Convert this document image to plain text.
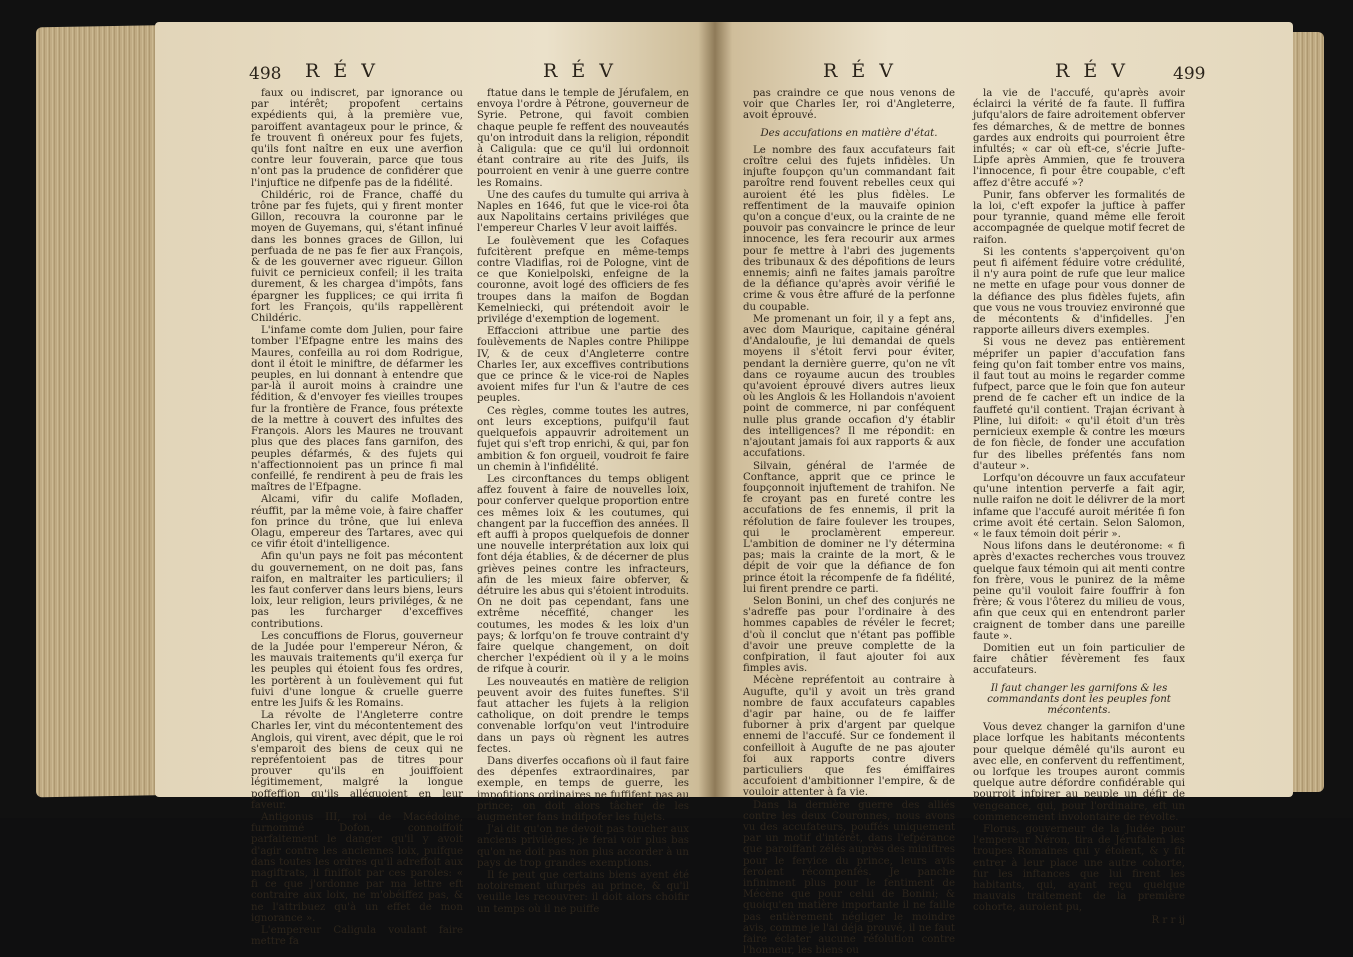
498 R É V	R É V

faux ou indiscret, par ignorance ou par intérêt; propofent certains expédients qui, à la première vue, paroiffent avantageux pour le prince, & fe trouvent fi onéreux pour fes fujets, qu'ils font naître en eux une averfion contre leur fouverain, parce que tous n'ont pas la prudence de confidérer que l'injuftice ne difpenfe pas de la fidélité.

Childéric, roi de France, chaffé du trône par fes fujets, qui y firent monter Gillon, recouvra la couronne par le moyen de Guyemans, qui, s'étant infinué dans les bonnes graces de Gillon, lui perfuada de ne pas fe fier aux François, & de les gouverner avec rigueur. Gillon fuivit ce pernicieux confeil; il les traita durement, & les chargea d'impôts, fans épargner les fupplices; ce qui irrita fi fort les François, qu'ils rappellèrent Childéric.

L'infame comte dom Julien, pour faire tomber l'Efpagne entre les mains des Maures, confeilla au roi dom Rodrigue, dont il étoit le miniftre, de défarmer les peuples, en lui donnant à entendre que par-là il auroit moins à craindre une fédition, & d'envoyer fes vieilles troupes fur la frontière de France, fous prétexte de la mettre à couvert des infultes des François. Alors les Maures ne trouvant plus que des places fans garnifon, des peuples défarmés, & des fujets qui n'affectionnoient pas un prince fi mal confeillé, fe rendirent à peu de frais les maîtres de l'Efpagne.

Alcami, vifir du calife Mofladen, réuffit, par la même voie, à faire chaffer fon prince du trône, que lui enleva Olagu, empereur des Tartares, avec qui ce vifir étoit d'intelligence.

Afin qu'un pays ne foit pas mécontent du gouvernement, on ne doit pas, fans raifon, en maltraiter les particuliers; il les faut conferver dans leurs biens, leurs loix, leur religion, leurs priviléges, & ne pas les furcharger d'exceffives contributions.

Les concuffions de Florus, gouverneur de la Judée pour l'empereur Néron, & les mauvais traitements qu'il exerça fur les peuples qui étoient fous fes ordres, les portèrent à un foulèvement qui fut fuivi d'une longue & cruelle guerre entre les Juifs & les Romains.

La révolte de l'Angleterre contre Charles Ier, vint du mécontentement des Anglois, qui virent, avec dépit, que le roi s'emparoit des biens de ceux qui ne repréfentoient pas de titres pour prouver qu'ils en jouiffoient légitimement, malgré la longue poffeffion qu'ils alléguoient en leur faveur.

Antigonus III, roi de Macédoine, furnommé Dofon, connoiffoit parfaitement le danger qu'il y avoit d'agir contre les anciennes loix, puifque dans toutes les ordres qu'il adreffoit aux magiftrats, il finiffoit par ces paroles: « fi ce que j'ordonne par ma lettre eft contraire aux loix, ne m'obéiffez pas, & ne l'attribuez qu'à un effet de mon ignorance ».

L'empereur Caligula voulant faire mettre fa

ftatue dans le temple de Jérufalem, en envoya l'ordre à Pétrone, gouverneur de Syrie. Petrone, qui favoit combien chaque peuple fe reffent des nouveautés qu'on introduit dans la religion, répondit à Caligula: que ce qu'il lui ordonnoit étant contraire au rite des Juifs, ils pourroient en venir à une guerre contre les Romains.

Une des caufes du tumulte qui arriva à Naples en 1646, fut que le vice-roi ôta aux Napolitains certains priviléges que l'empereur Charles V leur avoit laiffés.

Le foulèvement que les Cofaques fufcitèrent prefque en même-temps contre Vladiflas, roi de Pologne, vint de ce que Konielpolski, enfeigne de la couronne, avoit logé des officiers de fes troupes dans la maifon de Bogdan Kemelniecki, qui prétendoit avoir le privilége d'exemption de logement.

Effaccioni attribue une partie des foulèvements de Naples contre Philippe IV, & de ceux d'Angleterre contre Charles Ier, aux exceffives contributions que ce prince & le vice-roi de Naples avoient mifes fur l'un & l'autre de ces peuples.

Ces règles, comme toutes les autres, ont leurs exceptions, puifqu'il faut quelquefois appauvrir adroitement un fujet qui s'eft trop enrichi, & qui, par fon ambition & fon orgueil, voudroit fe faire un chemin à l'infidélité.

Les circonftances du temps obligent affez fouvent à faire de nouvelles loix, pour conferver quelque proportion entre ces mêmes loix & les coutumes, qui changent par la fucceffion des années. Il eft auffi à propos quelquefois de donner une nouvelle interprétation aux loix qui font déja établies, & de décerner de plus grièves peines contre les infracteurs, afin de les mieux faire obferver, & détruire les abus qui s'étoient introduits. On ne doit pas cependant, fans une extrême néceffité, changer les coutumes, les modes & les loix d'un pays; & lorfqu'on fe trouve contraint d'y faire quelque changement, on doit chercher l'expédient où il y a le moins de rifque à courir.

Les nouveautés en matière de religion peuvent avoir des fuites funeftes. S'il faut attacher les fujets à la religion catholique, on doit prendre le temps convenable lorfqu'on veut l'introduire dans un pays où règnent les autres fectes.

Dans diverfes occafions où il faut faire des dépenfes extraordinaires, par exemple, en temps de guerre, les impofitions ordinaires ne fuffifent pas au prince; on doit alors tâcher de les augmenter fans indifpofer les fujets.

J'ai dit qu'on ne devoit pas toucher aux anciens priviléges; je ferai voir plus bas qu'on ne doit pas non plus accorder à un pays de trop grandes exemptions.

Il fe peut que certains biens ayent été notoirement ufurpés au prince, & qu'il veuille les recouvrer: il doit alors choifir un temps où il ne puiffe

R É V	R É V	499

pas craindre ce que nous venons de voir que Charles Ier, roi d'Angleterre, avoit éprouvé.

Des accufations en matière d'état.

Le nombre des faux accufateurs fait croître celui des fujets infidèles. Un injufte foupçon qu'un commandant fait paroître rend fouvent rebelles ceux qui auroient été les plus fidèles. Le reffentiment de la mauvaife opinion qu'on a conçue d'eux, ou la crainte de ne pouvoir pas convaincre le prince de leur innocence, les fera recourir aux armes pour fe mettre à l'abri des jugements des tribunaux & des dépofitions de leurs ennemis; ainfi ne faites jamais paroître de la défiance qu'après avoir vérifié le crime & vous être affuré de la perfonne du coupable.

Me promenant un foir, il y a fept ans, avec dom Maurique, capitaine général d'Andaloufie, je lui demandai de quels moyens il s'étoit fervi pour éviter, pendant la dernière guerre, qu'on ne vît dans ce royaume aucun des troubles qu'avoient éprouvé divers autres lieux où les Anglois & les Hollandois n'avoient point de commerce, ni par conféquent nulle plus grande occafion d'y établir des intelligences? Il me répondit: en n'ajoutant jamais foi aux rapports & aux accufations.

Silvain, général de l'armée de Conftance, apprit que ce prince le foupçonnoit injuftement de trahifon. Ne fe croyant pas en fureté contre les accufations de fes ennemis, il prit la réfolution de faire foulever les troupes, qui le proclamèrent empereur. L'ambition de dominer ne l'y détermina pas; mais la crainte de la mort, & le dépit de voir que la défiance de fon prince étoit la récompenfe de fa fidélité, lui firent prendre ce parti.

Selon Bonini, un chef des conjurés ne s'adreffe pas pour l'ordinaire à des hommes capables de révéler le fecret; d'où il conclut que n'étant pas poffible d'avoir une preuve complette de la confpiration, il faut ajouter foi aux fimples avis.

Mécène repréfentoit au contraire à Augufte, qu'il y avoit un très grand nombre de faux accufateurs capables d'agir par haine, ou de fe laiffer fuborner à prix d'argent par quelque ennemi de l'accufé. Sur ce fondement il confeilloit à Augufte de ne pas ajouter foi aux rapports contre divers particuliers que fes émiffaires accufoient d'ambitionner l'empire, & de vouloir attenter à fa vie.

Dans la dernière guerre des alliés contre les deux Couronnes, nous avons vu des accufateurs, pouffés uniquement par un motif d'intérêt, dans l'efpérance que paroiffant zélés auprès des miniftres pour le fervice du prince, leurs avis feroient récompenfés. Je panche infiniment plus pour le fentiment de Mécène que pour celui de Bonini; & quoiqu'en matière importante il ne faille pas entièrement négliger le moindre avis, comme je l'ai déja prouvé, il ne faut faire éclater aucune réfolution contre l'honneur, les biens ou

la vie de l'accufé, qu'après avoir éclairci la vérité de fa faute. Il fuffira jufqu'alors de faire adroitement obferver fes démarches, & de mettre de bonnes gardes aux endroits qui pourroient être infultés; « car où eft-ce, s'écrie Jufte-Lipfe après Ammien, que fe trouvera l'innocence, fi pour être coupable, c'eft affez d'être accufé »?

Punir, fans obferver les formalités de la loi, c'eft expofer la juftice à paffer pour tyrannie, quand même elle feroit accompagnée de quelque motif fecret de raifon.

Si les contents s'apperçoivent qu'on peut fi aifément féduire votre crédulité, il n'y aura point de rufe que leur malice ne mette en ufage pour vous donner de la défiance des plus fidèles fujets, afin que vous ne vous trouviez environné que de mécontents & d'infidelles. J'en rapporte ailleurs divers exemples.

Si vous ne devez pas entièrement méprifer un papier d'accufation fans feing qu'on fait tomber entre vos mains, il faut tout au moins le regarder comme fufpect, parce que le foin que fon auteur prend de fe cacher eft un indice de la fauffeté qu'il contient. Trajan écrivant à Pline, lui difoit: « qu'il étoit d'un très pernicieux exemple & contre les mœurs de fon fiècle, de fonder une accufation fur des libelles préfentés fans nom d'auteur ».

Lorfqu'on découvre un faux accufateur qu'une intention perverfe a fait agir, nulle raifon ne doit le délivrer de la mort infame que l'accufé auroit méritée fi fon crime avoit été certain. Selon Salomon, « le faux témoin doit périr ».

Nous lifons dans le deutéronome: « fi après d'exactes recherches vous trouvez quelque faux témoin qui ait menti contre fon frère, vous le punirez de la même peine qu'il vouloit faire fouffrir à fon frère; & vous l'ôterez du milieu de vous, afin que ceux qui en entendront parler craignent de tomber dans une pareille faute ».

Domitien eut un foin particulier de faire châtier févèrement fes faux accufateurs.

Il faut changer les garnifons & les commandants dont les peuples font mécontents.

Vous devez changer la garnifon d'une place lorfque les habitants mécontents pour quelque démêlé qu'ils auront eu avec elle, en confervent du reffentiment, ou lorfque les troupes auront commis quelque autre défordre confidérable qui pourroit infpirer au peuple un défir de vengeance, qui, pour l'ordinaire, eft un commencement involontaire de révolte.

Florus, gouverneur de la Judée pour l'empereur Néron, tira de Jérufalem les troupes Romaines qui y étoient, & y fit entrer à leur place une autre cohorte, fur les inftances que lui firent les habitants, qui, ayant reçu quelque mauvais traitement de la première cohorte, auroient pu,

R r r ij
